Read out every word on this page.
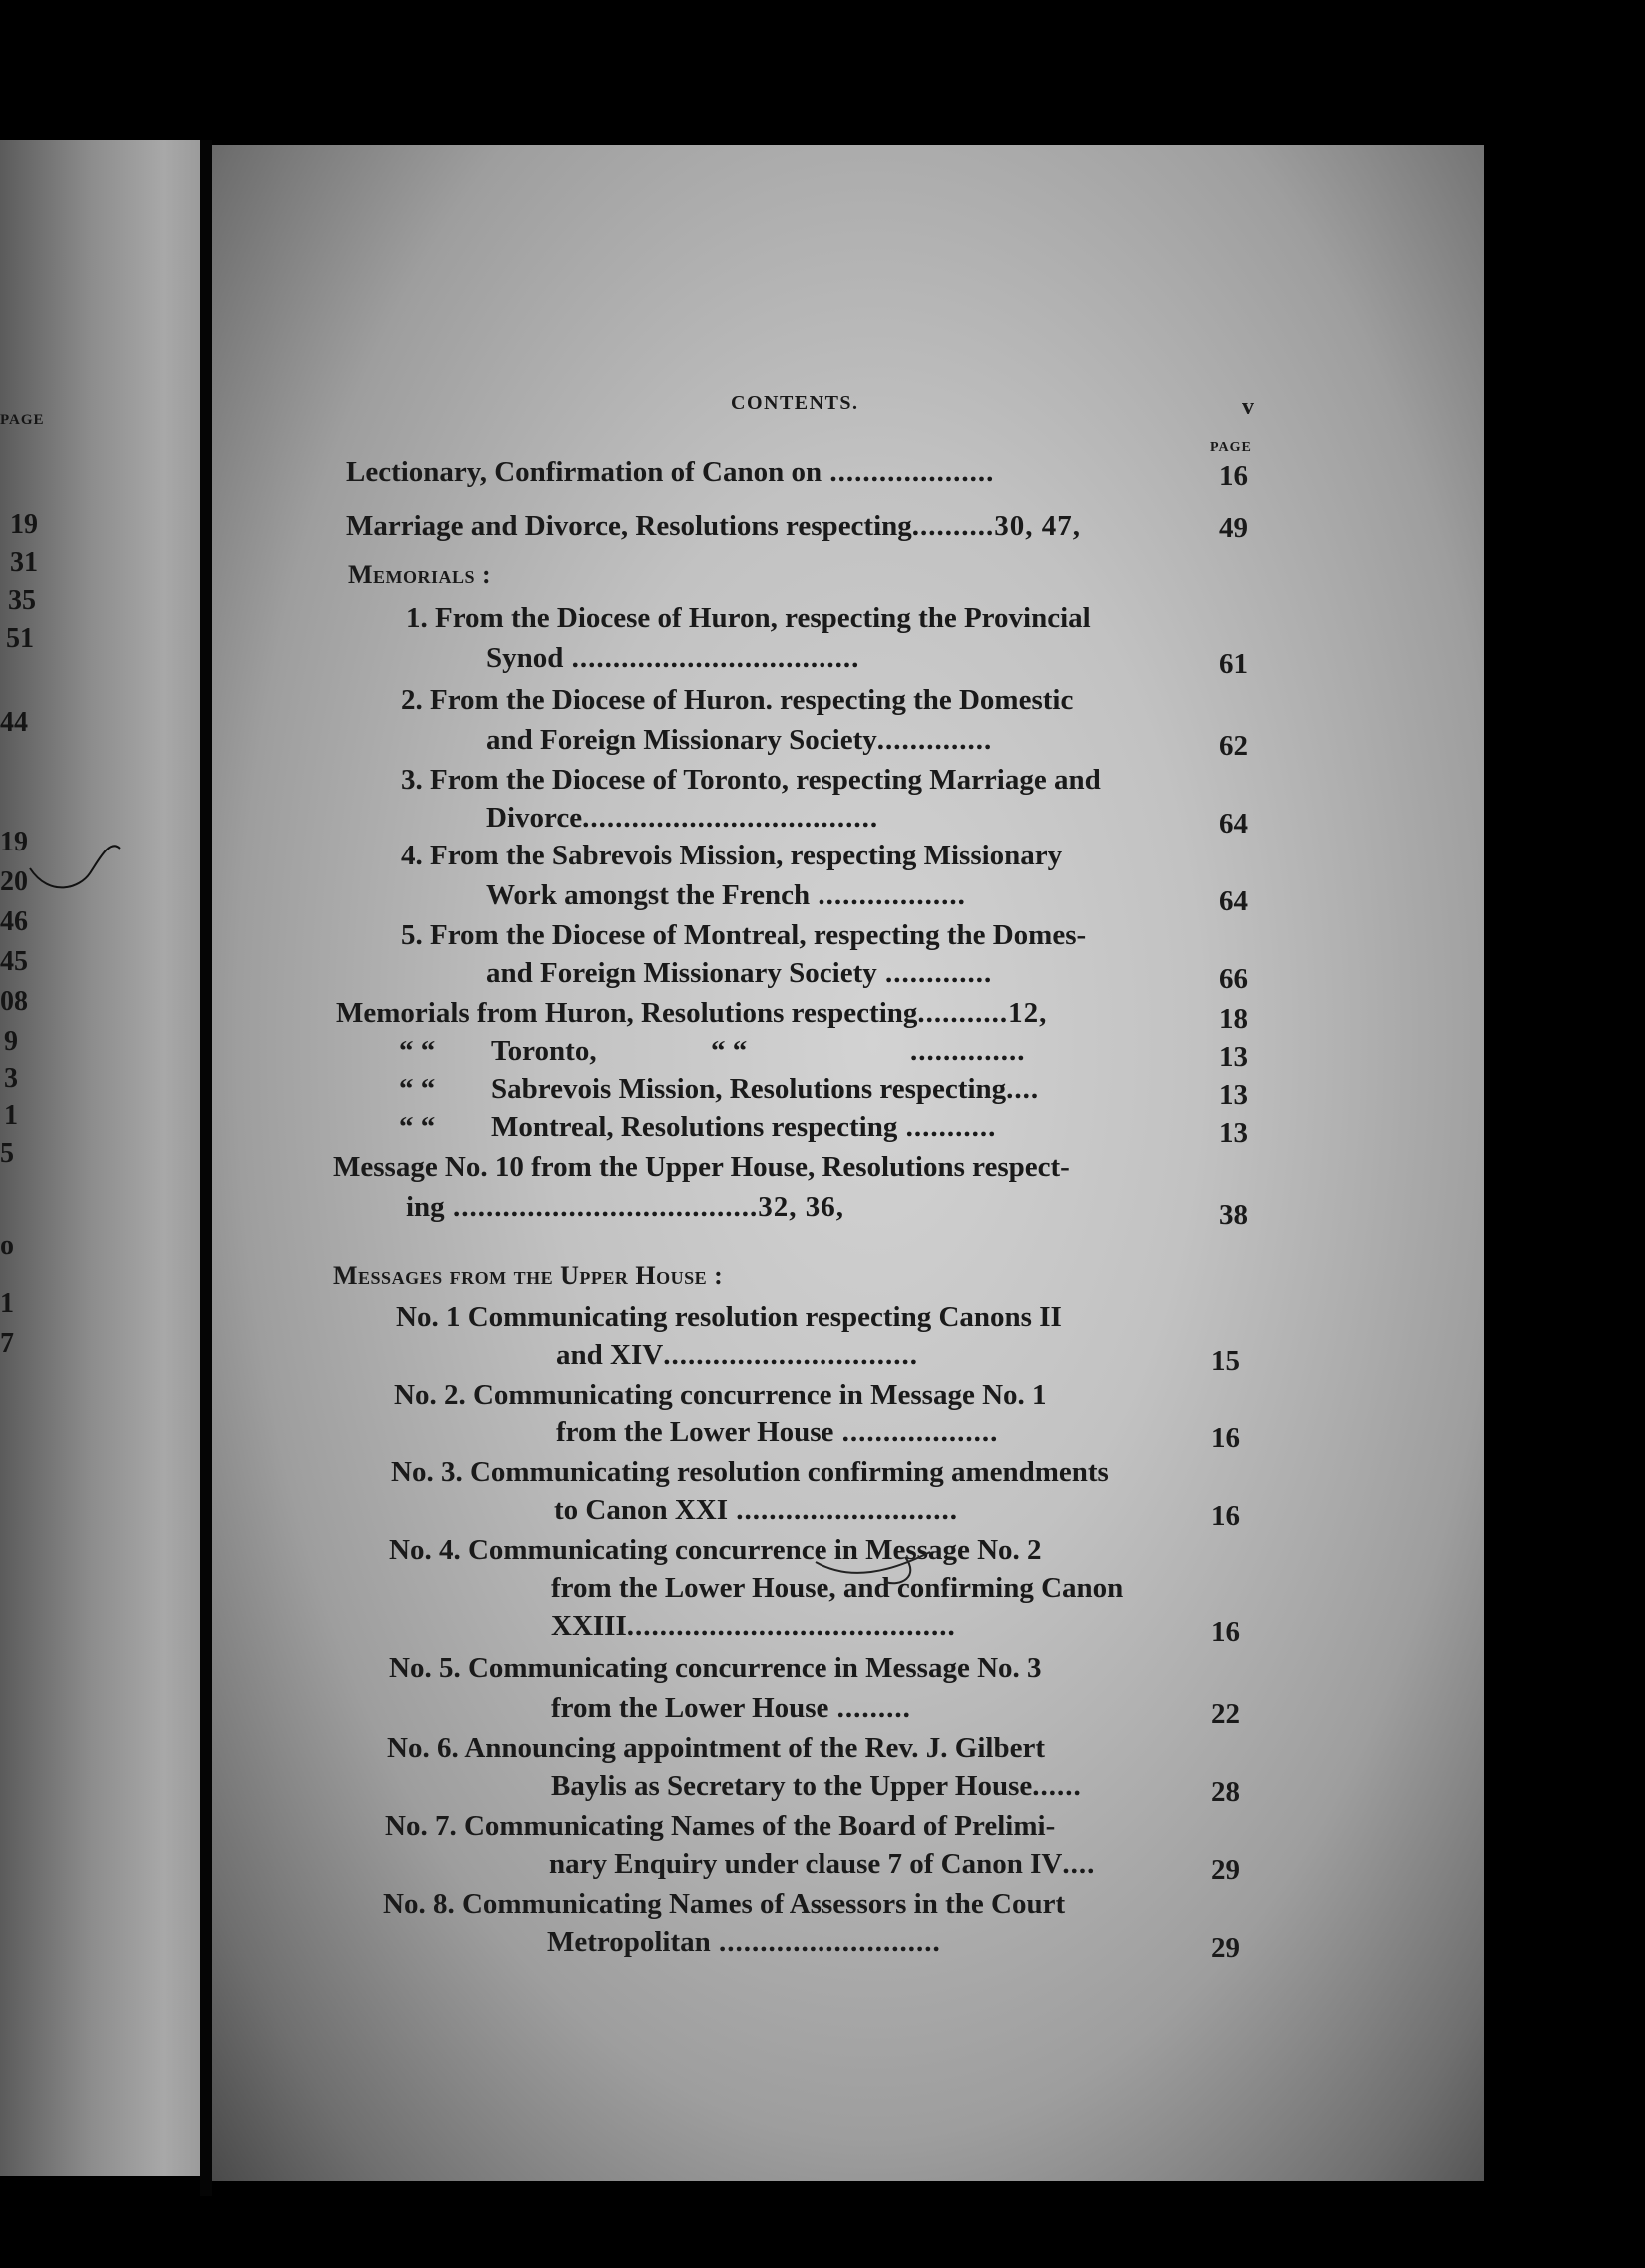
PAGE
19
31
35
51
44
19
20
46
45
08
9
3
1
5
o
1
7
CONTENTS.	v
PAGE
Lectionary, Confirmation of Canon on ....................	16
Marriage and Divorce, Resolutions respecting..........30, 47,	49
Memorials :
1. From the Diocese of Huron, respecting the Provincial
Synod ...................................	61
2. From the Diocese of Huron. respecting the Domestic
and Foreign Missionary Society..............	62
3. From the Diocese of Toronto, respecting Marriage and
Divorce....................................	64
4. From the Sabrevois Mission, respecting Missionary
Work amongst the French ..................	64
5. From the Diocese of Montreal, respecting the Domes-
and Foreign Missionary Society .............	66
Memorials from Huron, Resolutions respecting...........12,	18
“ “ Toronto,	“ “	..............	13
“ “ Sabrevois Mission, Resolutions respecting....	13
“ “ Montreal, Resolutions respecting ...........	13
Message No. 10 from the Upper House, Resolutions respect-
ing .....................................32, 36,	38
Messages from the Upper House :
No. 1 Communicating resolution respecting Canons II
and XIV...............................	15
No. 2. Communicating concurrence in Message No. 1
from the Lower House ...................	16
No. 3. Communicating resolution confirming amendments
to Canon XXI ...........................	16
No. 4. Communicating concurrence in Message No. 2
from the Lower House, and confirming Canon
XXIII........................................	16
No. 5. Communicating concurrence in Message No. 3
from the Lower House .........	22
No. 6. Announcing appointment of the Rev. J. Gilbert
Baylis as Secretary to the Upper House......	28
No. 7. Communicating Names of the Board of Prelimi-
nary Enquiry under clause 7 of Canon IV....	29
No. 8. Communicating Names of Assessors in the Court
Metropolitan ...........................	29
